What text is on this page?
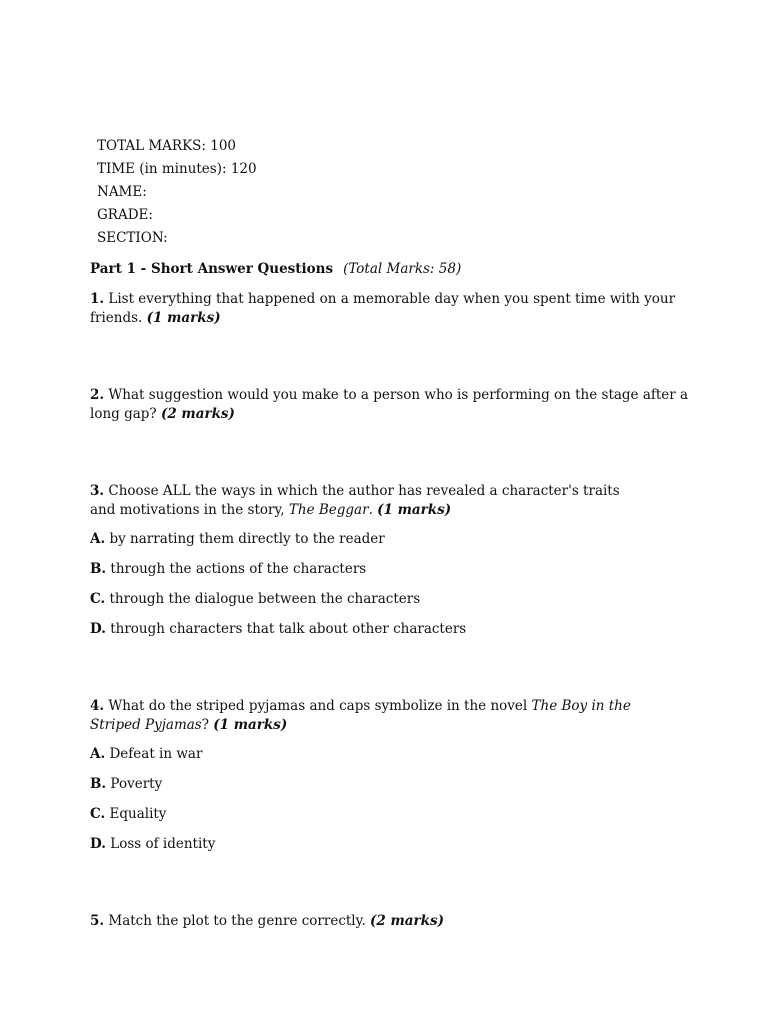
TOTAL MARKS: 100
TIME (in minutes): 120
NAME:
GRADE:
SECTION:
Part 1 - Short Answer Questions (Total Marks: 58)
1. List everything that happened on a memorable day when you spent time with your friends. (1 marks)
2. What suggestion would you make to a person who is performing on the stage after a long gap? (2 marks)
3. Choose ALL the ways in which the author has revealed a character's traits and motivations in the story, The Beggar. (1 marks)
A. by narrating them directly to the reader
B. through the actions of the characters
C. through the dialogue between the characters
D. through characters that talk about other characters
4. What do the striped pyjamas and caps symbolize in the novel The Boy in the Striped Pyjamas? (1 marks)
A. Defeat in war
B. Poverty
C. Equality
D. Loss of identity
5. Match the plot to the genre correctly. (2 marks)
